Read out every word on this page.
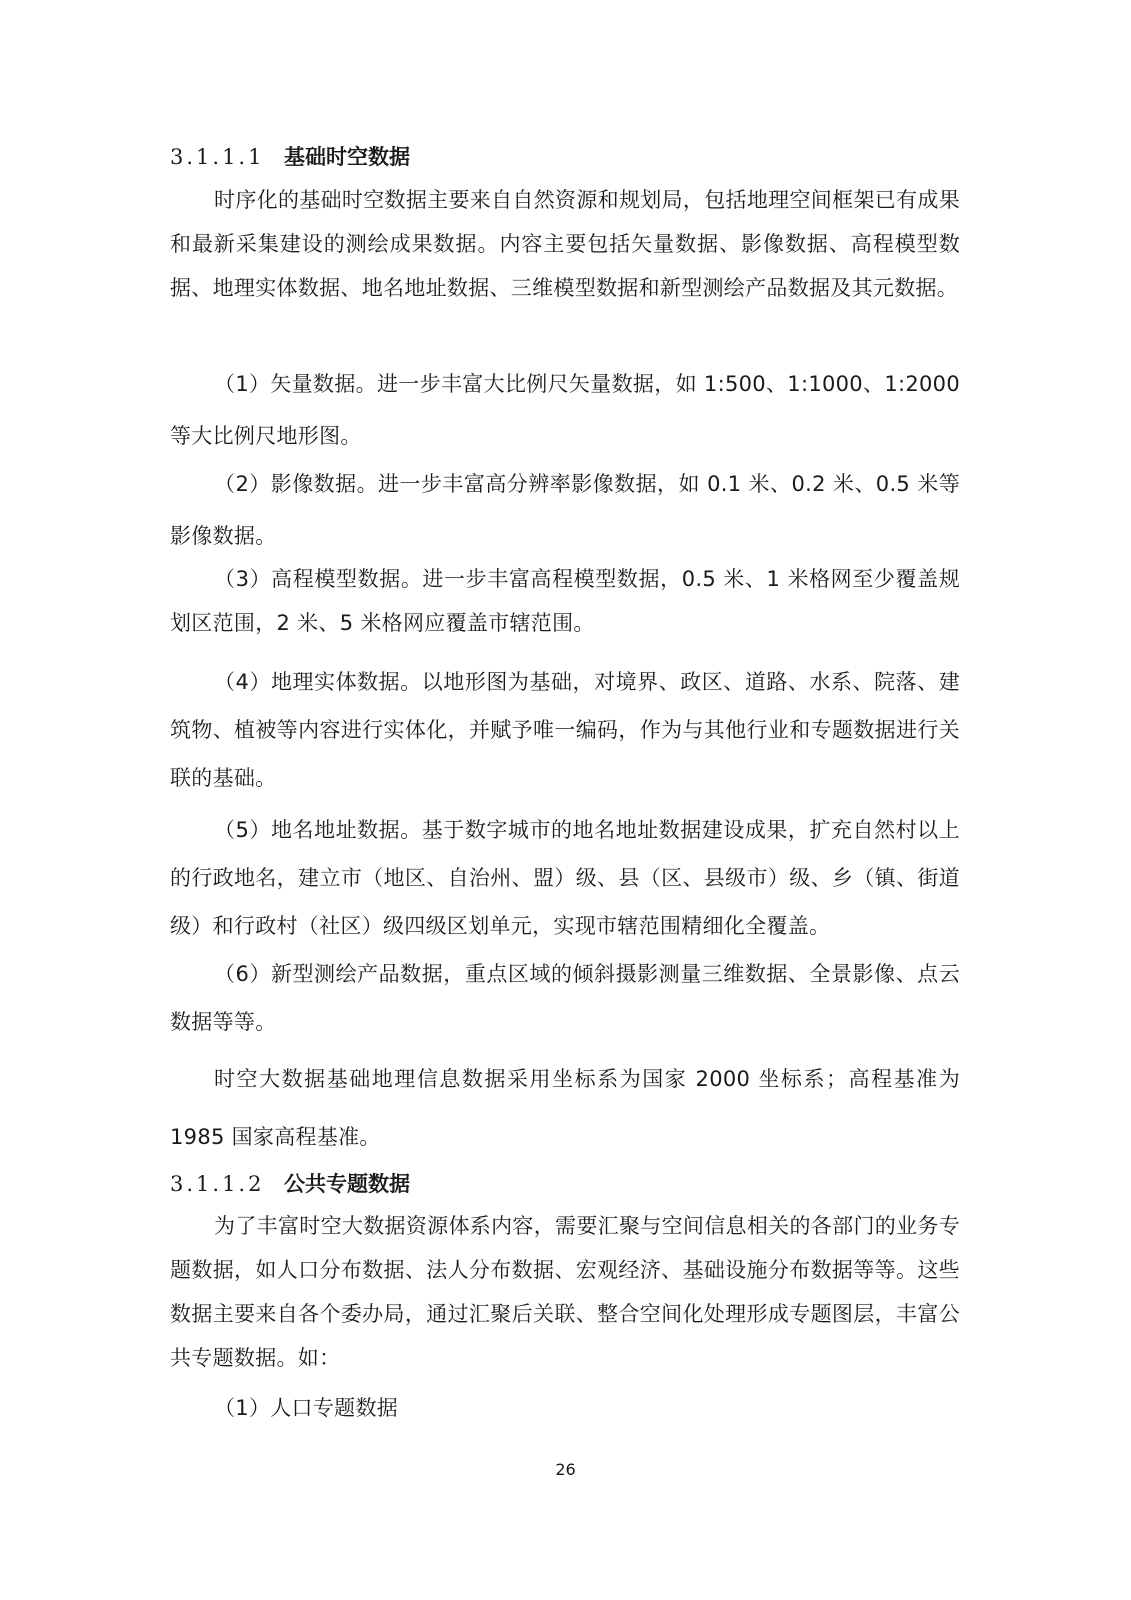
3.1.1.1 基础时空数据

时序化的基础时空数据主要来自自然资源和规划局，包括地理空间框架已有成果和最新采集建设的测绘成果数据。内容主要包括矢量数据、影像数据、高程模型数据、地理实体数据、地名地址数据、三维模型数据和新型测绘产品数据及其元数据。

（1）矢量数据。进一步丰富大比例尺矢量数据，如 1:500、1:1000、1:2000 等大比例尺地形图。

（2）影像数据。进一步丰富高分辨率影像数据，如 0.1 米、0.2 米、0.5 米等影像数据。

（3）高程模型数据。进一步丰富高程模型数据，0.5 米、1 米格网至少覆盖规划区范围，2 米、5 米格网应覆盖市辖范围。

（4）地理实体数据。以地形图为基础，对境界、政区、道路、水系、院落、建筑物、植被等内容进行实体化，并赋予唯一编码，作为与其他行业和专题数据进行关联的基础。

（5）地名地址数据。基于数字城市的地名地址数据建设成果，扩充自然村以上的行政地名，建立市（地区、自治州、盟）级、县（区、县级市）级、乡（镇、街道级）和行政村（社区）级四级区划单元，实现市辖范围精细化全覆盖。

（6）新型测绘产品数据，重点区域的倾斜摄影测量三维数据、全景影像、点云数据等等。

时空大数据基础地理信息数据采用坐标系为国家 2000 坐标系；高程基准为 1985 国家高程基准。

3.1.1.2 公共专题数据

为了丰富时空大数据资源体系内容，需要汇聚与空间信息相关的各部门的业务专题数据，如人口分布数据、法人分布数据、宏观经济、基础设施分布数据等等。这些数据主要来自各个委办局，通过汇聚后关联、整合空间化处理形成专题图层，丰富公共专题数据。如：

（1）人口专题数据

26
